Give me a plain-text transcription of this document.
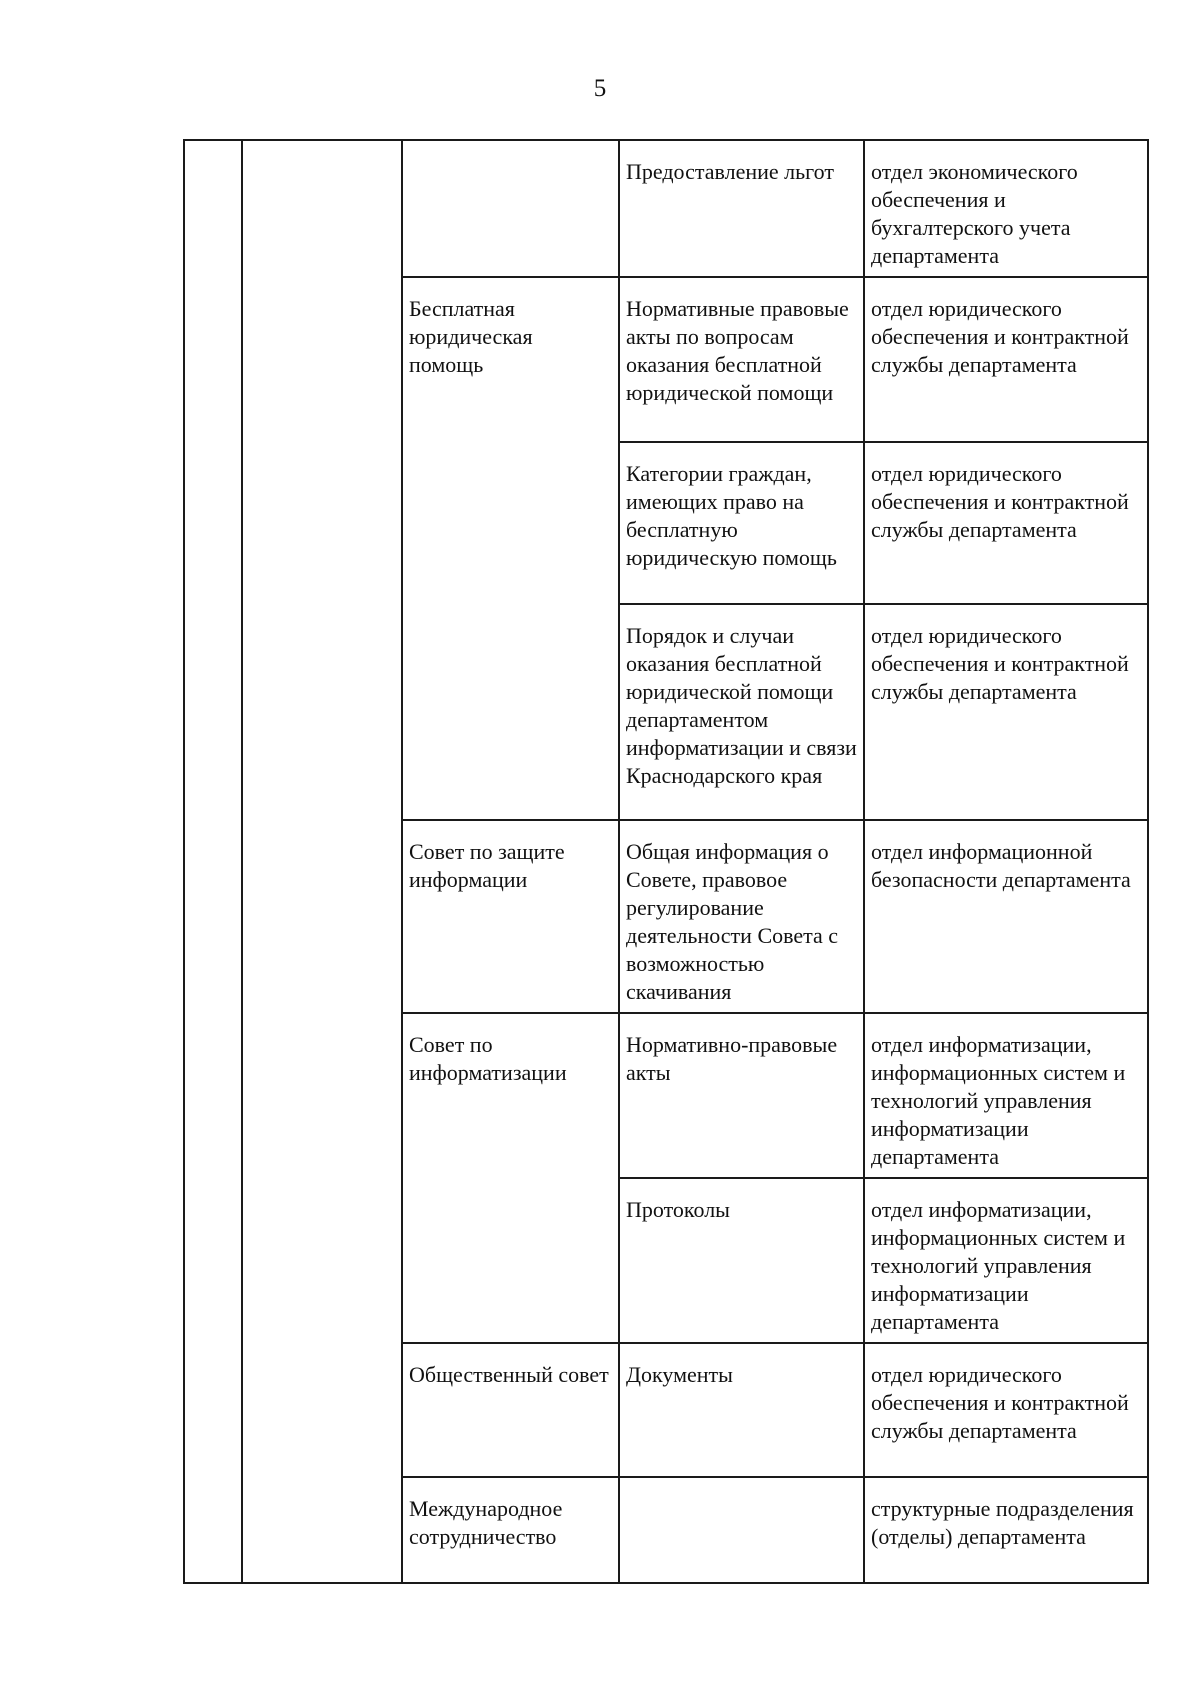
5
			Предоставление льгот	отдел экономического обеспечения и бухгалтерского учета департамента
		Бесплатная юридическая помощь	Нормативные правовые акты по вопросам оказания бесплатной юридической помощи	отдел юридического обеспечения и контрактной службы департамента
			Категории граждан, имеющих право на бесплатную юридическую помощь	отдел юридического обеспечения и контрактной службы департамента
			Порядок и случаи оказания бесплатной юридической помощи департаментом информатизации и связи Краснодарского края	отдел юридического обеспечения и контрактной службы департамента
		Совет по защите информации	Общая информация о Совете, правовое регулирование деятельности Совета с возможностью скачивания	отдел информационной безопасности департамента
		Совет по информатизации	Нормативно-правовые акты	отдел информатизации, информационных систем и технологий управления информатизации департамента
			Протоколы	отдел информатизации, информационных систем и технологий управления информатизации департамента
		Общественный совет	Документы	отдел юридического обеспечения и контрактной службы департамента
		Международное сотрудничество		структурные подразделения (отделы) департамента
